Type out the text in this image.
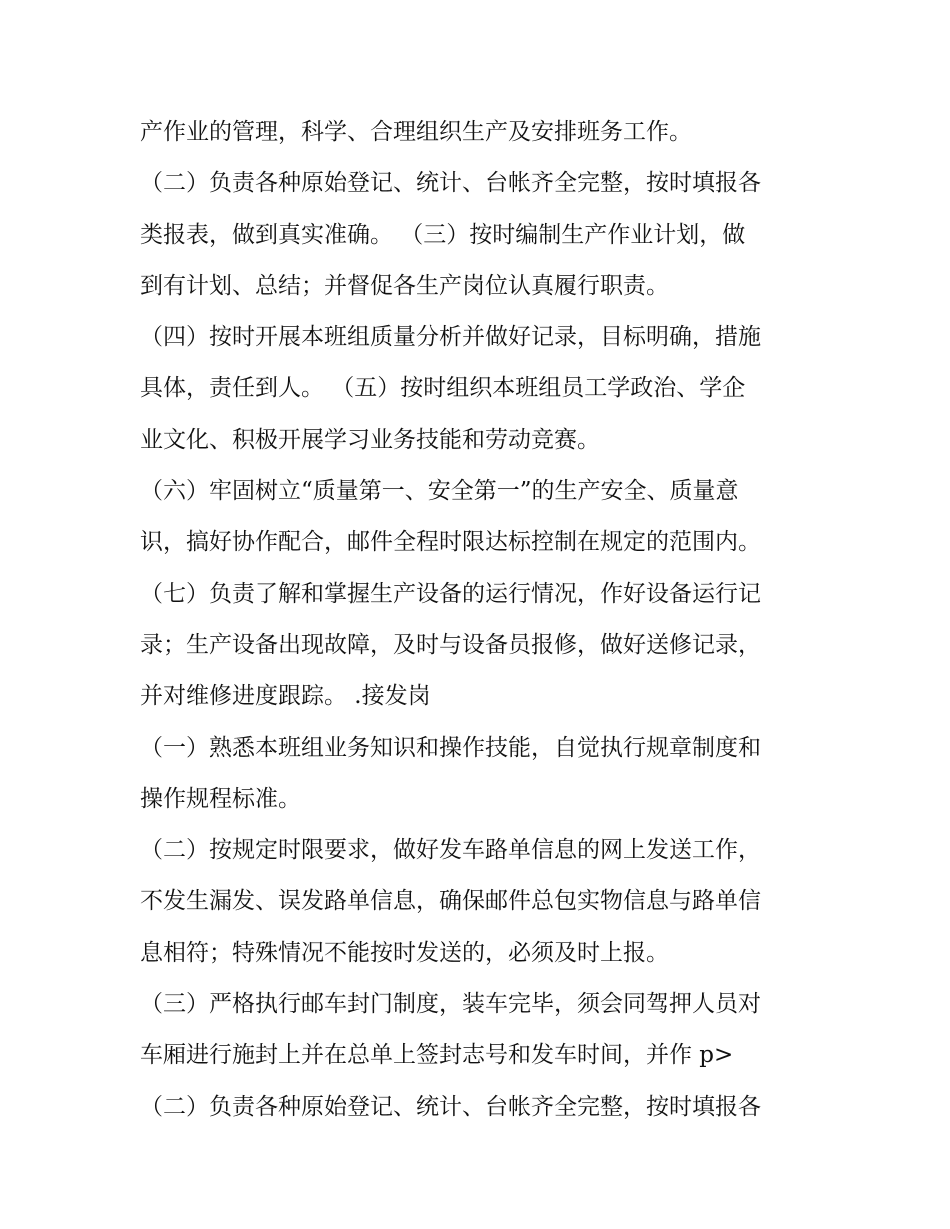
产作业的管理，科学、合理组织生产及安排班务工作。
（二）负责各种原始登记、统计、台帐齐全完整，按时填报各
类报表，做到真实准确。 （三）按时编制生产作业计划，做
到有计划、总结；并督促各生产岗位认真履行职责。
（四）按时开展本班组质量分析并做好记录，目标明确，措施
具体，责任到人。 （五）按时组织本班组员工学政治、学企
业文化、积极开展学习业务技能和劳动竞赛。
（六）牢固树立“质量第一、安全第一”的生产安全、质量意
识，搞好协作配合，邮件全程时限达标控制在规定的范围内。
（七）负责了解和掌握生产设备的运行情况，作好设备运行记
录；生产设备出现故障，及时与设备员报修，做好送修记录，
并对维修进度跟踪。 .接发岗
（一）熟悉本班组业务知识和操作技能，自觉执行规章制度和
操作规程标准。
（二）按规定时限要求，做好发车路单信息的网上发送工作，
不发生漏发、误发路单信息，确保邮件总包实物信息与路单信
息相符；特殊情况不能按时发送的，必须及时上报。
（三）严格执行邮车封门制度，装车完毕，须会同驾押人员对
车厢进行施封上并在总单上签封志号和发车时间，并作 p>
（二）负责各种原始登记、统计、台帐齐全完整，按时填报各
